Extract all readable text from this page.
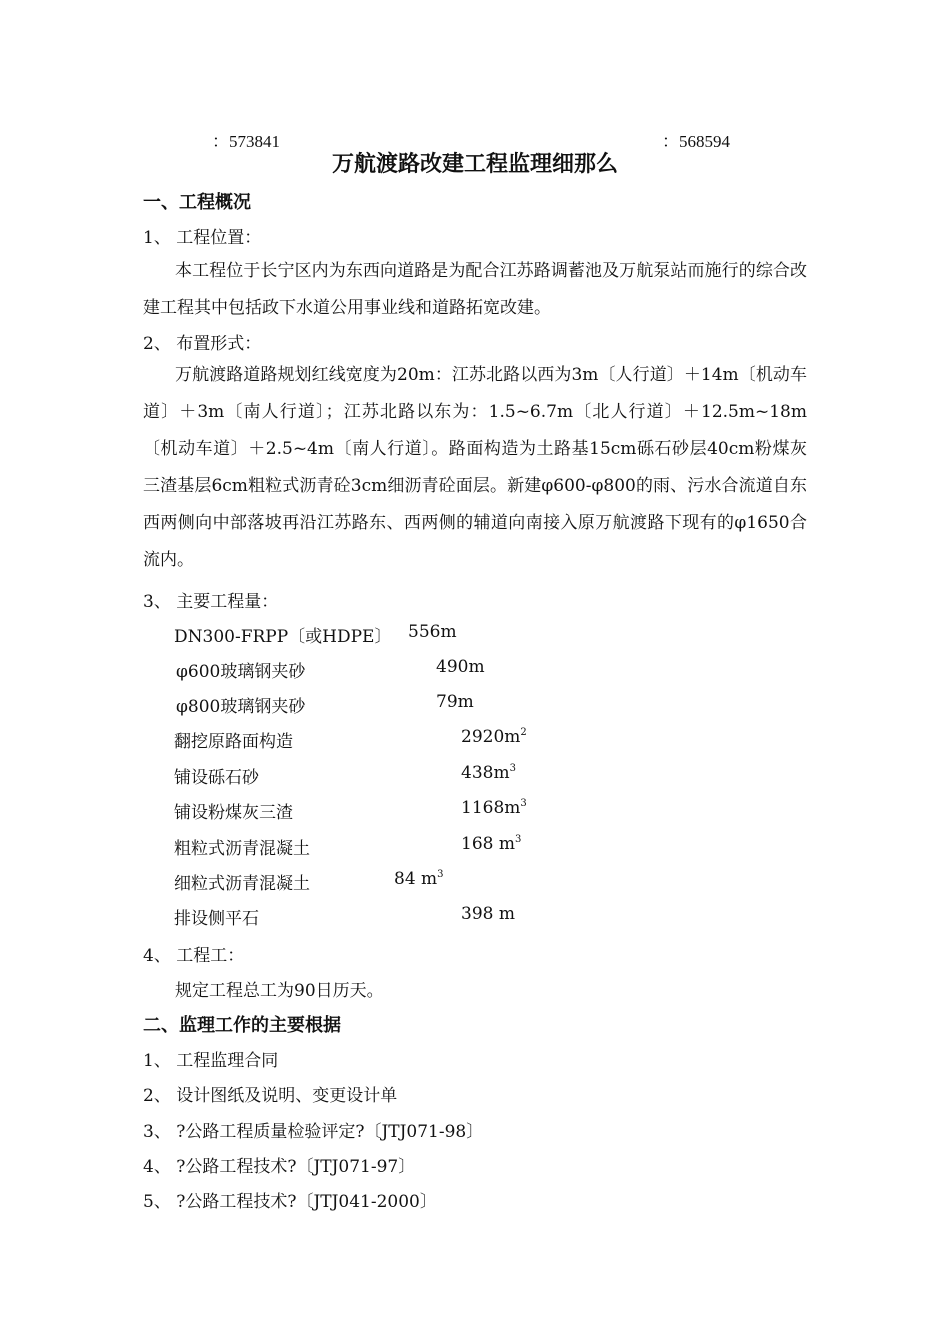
：573841	：568594
万航渡路改建工程监理细那么
一、工程概况
1、 工程位置：
本工程位于长宁区内为东西向道路是为配合江苏路调蓄池及万航泵站而施行的综合改建工程其中包括政下水道公用事业线和道路拓宽改建。
2、 布置形式：
万航渡路道路规划红线宽度为20m：江苏北路以西为3m〔人行道〕＋14m〔机动车道〕＋3m〔南人行道〕；江苏北路以东为：1.5~6.7m〔北人行道〕＋12.5m~18m〔机动车道〕＋2.5~4m〔南人行道〕。路面构造为土路基15cm砾石砂层40cm粉煤灰三渣基层6cm粗粒式沥青砼3cm细沥青砼面层。新建φ600-φ800的雨、污水合流道自东西两侧向中部落坡再沿江苏路东、西两侧的辅道向南接入原万航渡路下现有的φ1650合流内。
3、 主要工程量：
DN300-FRPP〔或HDPE〕 556m
φ600玻璃钢夹砂	490m
φ800玻璃钢夹砂	79m
翻挖原路面构造	$2920m^2$
铺设砾石砂	$438m^3$
铺设粉煤灰三渣	$1168m^3$
粗粒式沥青混凝土	168 $m^3$
细粒式沥青混凝土	84 $m^3$
排设侧平石	398 m
4、 工程工：
规定工程总工为90日历天。
二、监理工作的主要根据
1、 工程监理合同
2、 设计图纸及说明、变更设计单
3、 ?公路工程质量检验评定?〔JTJ071-98〕
4、 ?公路工程技术?〔JTJ071-97〕
5、 ?公路工程技术?〔JTJ041-2000〕
